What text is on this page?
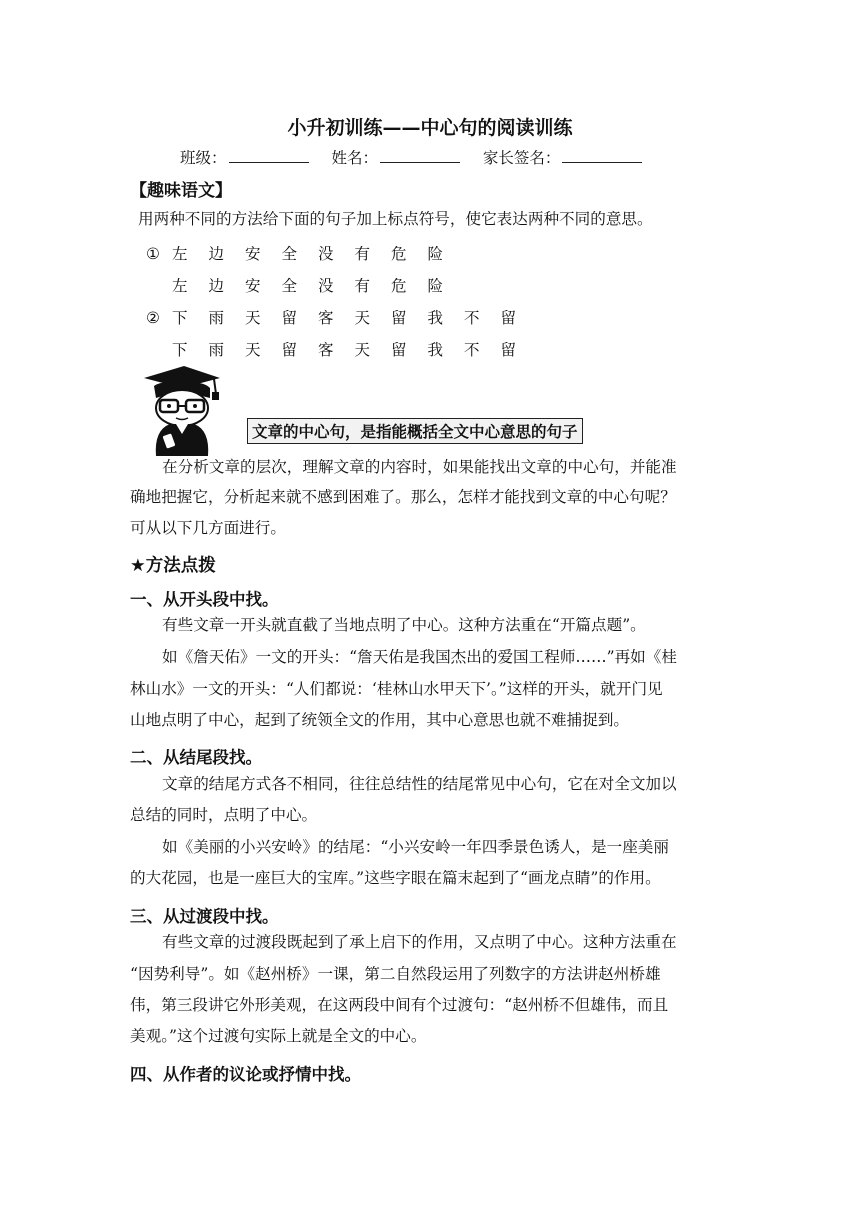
小升初训练——中心句的阅读训练
班级：	姓名：	家长签名：
【趣味语文】
用两种不同的方法给下面的句子加上标点符号，使它表达两种不同的意思。
① 左 边 安 全 没 有 危 险
左 边 安 全 没 有 危 险
② 下 雨 天 留 客 天 留 我 不 留
下 雨 天 留 客 天 留 我 不 留
文章的中心句，是指能概括全文中心意思的句子
在分析文章的层次，理解文章的内容时，如果能找出文章的中心句，并能准
确地把握它，分析起来就不感到困难了。那么，怎样才能找到文章的中心句呢？
可从以下几方面进行。
★方法点拨
一、从开头段中找。
有些文章一开头就直截了当地点明了中心。这种方法重在“开篇点题”。
如《詹天佑》一文的开头：“詹天佑是我国杰出的爱国工程师……”再如《桂
林山水》一文的开头：“人们都说：‘桂林山水甲天下’。”这样的开头，就开门见
山地点明了中心，起到了统领全文的作用，其中心意思也就不难捕捉到。
二、从结尾段找。
文章的结尾方式各不相同，往往总结性的结尾常见中心句，它在对全文加以
总结的同时，点明了中心。
如《美丽的小兴安岭》的结尾：“小兴安岭一年四季景色诱人，是一座美丽
的大花园，也是一座巨大的宝库。”这些字眼在篇末起到了“画龙点睛”的作用。
三、从过渡段中找。
有些文章的过渡段既起到了承上启下的作用，又点明了中心。这种方法重在
“因势利导”。如《赵州桥》一课，第二自然段运用了列数字的方法讲赵州桥雄
伟，第三段讲它外形美观，在这两段中间有个过渡句：“赵州桥不但雄伟，而且
美观。”这个过渡句实际上就是全文的中心。
四、从作者的议论或抒情中找。
